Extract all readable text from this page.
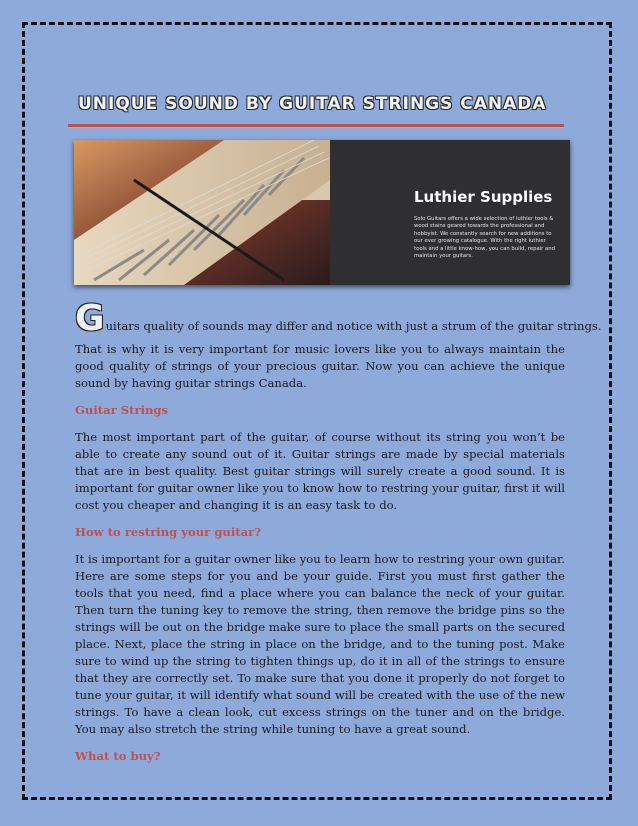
UNIQUE SOUND BY GUITAR STRINGS CANADA
Luthier Supplies
Solo Guitars offers a wide selection of luthier tools & wood stains geared towards the professional and hobbyist. We constantly search for new additions to our ever growing catalogue. With the right luthier tools and a little know-how, you can build, repair and maintain your guitars.
G uitars quality of sounds may differ and notice with just a strum of the guitar strings.

That is why it is very important for music lovers like you to always maintain the good quality of strings of your precious guitar. Now you can achieve the unique sound by having guitar strings Canada.

Guitar Strings

The most important part of the guitar, of course without its string you won’t be able to create any sound out of it. Guitar strings are made by special materials that are in best quality. Best guitar strings will surely create a good sound. It is important for guitar owner like you to know how to restring your guitar, first it will cost you cheaper and changing it is an easy task to do.

How to restring your guitar?

It is important for a guitar owner like you to learn how to restring your own guitar. Here are some steps for you and be your guide. First you must first gather the tools that you need, find a place where you can balance the neck of your guitar. Then turn the tuning key to remove the string, then remove the bridge pins so the strings will be out on the bridge make sure to place the small parts on the secured place. Next, place the string in place on the bridge, and to the tuning post. Make sure to wind up the string to tighten things up, do it in all of the strings to ensure that they are correctly set. To make sure that you done it properly do not forget to tune your guitar, it will identify what sound will be created with the use of the new strings. To have a clean look, cut excess strings on the tuner and on the bridge. You may also stretch the string while tuning to have a great sound.

What to buy?
